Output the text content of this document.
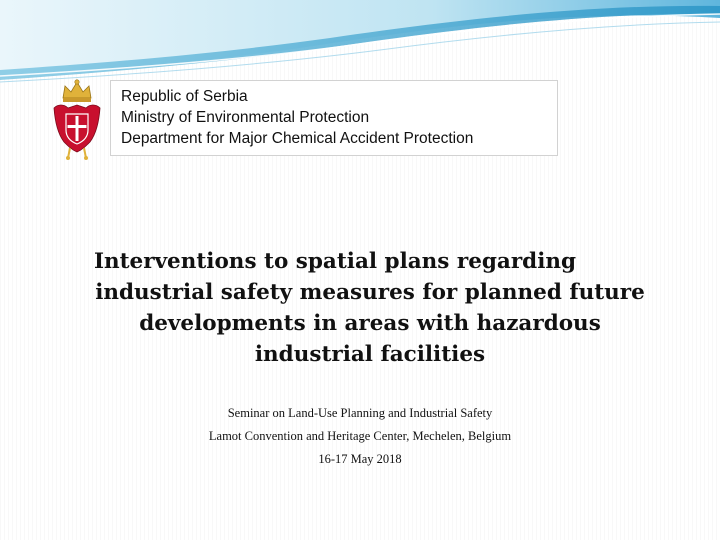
Republic of Serbia

Ministry of Environmental Protection

Department for Major Chemical Accident Protection

Interventions to spatial plans regarding
industrial safety measures for planned future
developments in areas with hazardous
industrial facilities

Seminar on Land-Use Planning and Industrial Safety

Lamot Convention and Heritage Center, Mechelen, Belgium

16-17 May 2018
